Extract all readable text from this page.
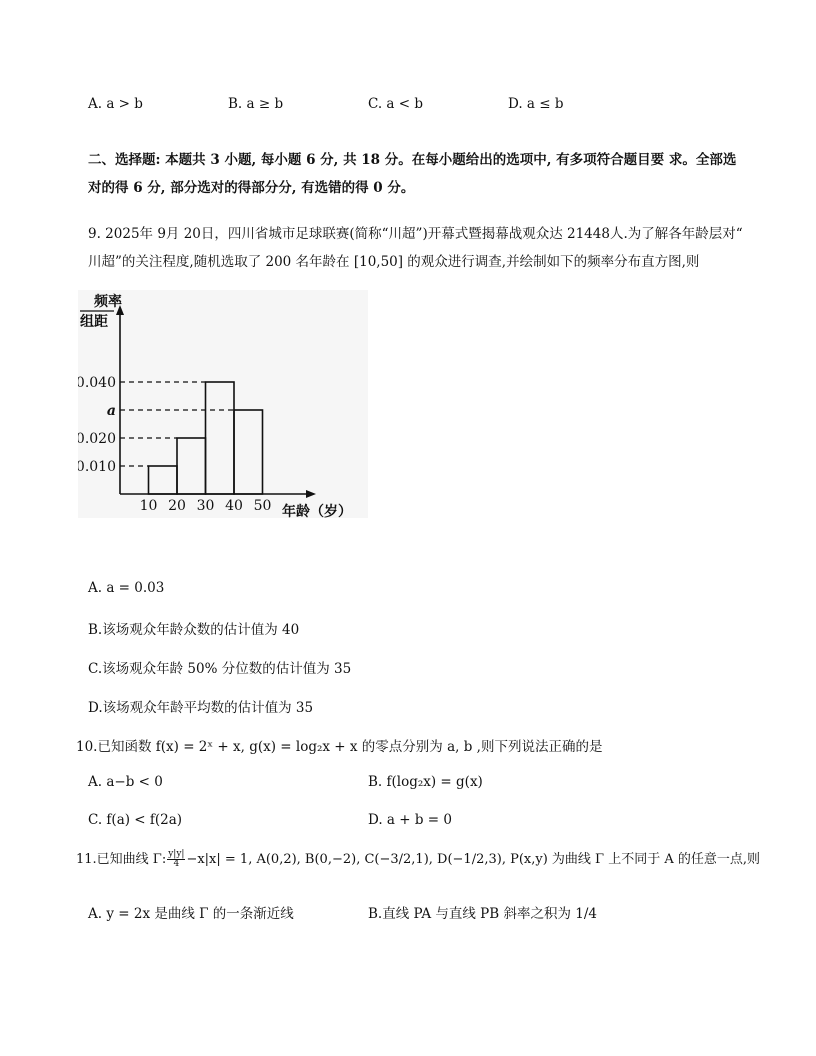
A. a > b	B. a ≥ b	C. a < b	D. a ≤ b
二、选择题: 本题共 3 小题, 每小题 6 分, 共 18 分。在每小题给出的选项中, 有多项符合题目要 求。全部选对的得 6 分, 部分选对的得部分分, 有选错的得 0 分。
9. 2025年 9月 20日，四川省城市足球联赛(简称“川超”)开幕式暨揭幕战观众达 21448人.为了解各年龄层对“
川超”的关注程度,随机选取了 200 名年龄在 [10,50] 的观众进行调查,并绘制如下的频率分布直方图,则
10 20 30 40 50
0.040
a
0.020
0.010
频率
组距
年龄（岁）
A. a = 0.03
B.该场观众年龄众数的估计值为 40
C.该场观众年龄 50% 分位数的估计值为 35
D.该场观众年龄平均数的估计值为 35
10.已知函数 f(x) = 2ˣ + x, g(x) = log₂x + x 的零点分别为 a, b ,则下列说法正确的是
A. a−b < 0	B. f(log₂x) = g(x)
C. f(a) < f(2a)	D. a + b = 0
11.已知曲线 Γ: $\frac{y|y|}{4} -x|x| = 1$, A(0,2), B(0,−2), C(−3/2,1), D(−1/2,3), P(x,y) 为曲线 Γ 上不同于 A 的任意一点,则
A. y = 2x 是曲线 Γ 的一条渐近线	B.直线 PA 与直线 PB 斜率之积为 1/4
